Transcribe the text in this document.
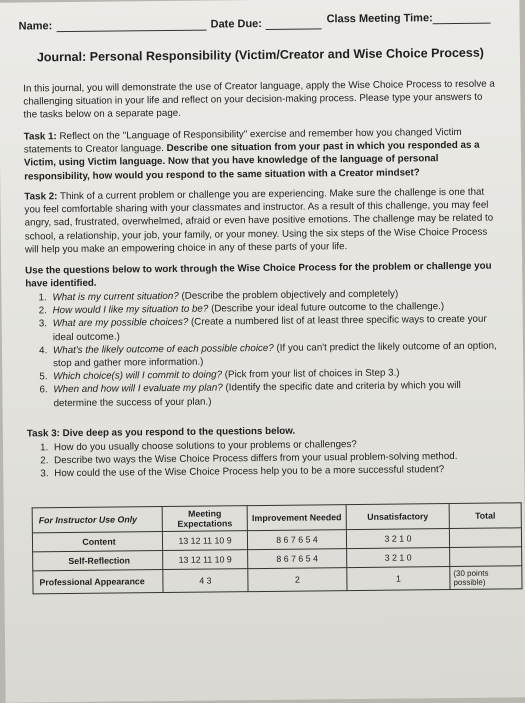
Name:	Date Due:	Class Meeting Time:
Journal: Personal Responsibility (Victim/Creator and Wise Choice Process)

In this journal, you will demonstrate the use of Creator language, apply the Wise Choice Process to resolve a challenging situation in your life and reflect on your decision-making process. Please type your answers to the tasks below on a separate page.

Task 1: Reflect on the "Language of Responsibility" exercise and remember how you changed Victim statements to Creator language. Describe one situation from your past in which you responded as a Victim, using Victim language. Now that you have knowledge of the language of personal responsibility, how would you respond to the same situation with a Creator mindset?

Task 2: Think of a current problem or challenge you are experiencing. Make sure the challenge is one that you feel comfortable sharing with your classmates and instructor. As a result of this challenge, you may feel angry, sad, frustrated, overwhelmed, afraid or even have positive emotions. The challenge may be related to school, a relationship, your job, your family, or your money. Using the six steps of the Wise Choice Process will help you make an empowering choice in any of these parts of your life.

Use the questions below to work through the Wise Choice Process for the problem or challenge you have identified.

1. What is my current situation? (Describe the problem objectively and completely)
2. How would I like my situation to be? (Describe your ideal future outcome to the challenge.)
3. What are my possible choices? (Create a numbered list of at least three specific ways to create your ideal outcome.)
4. What's the likely outcome of each possible choice? (If you can't predict the likely outcome of an option, stop and gather more information.)
5. Which choice(s) will I commit to doing? (Pick from your list of choices in Step 3.)
6. When and how will I evaluate my plan? (Identify the specific date and criteria by which you will determine the success of your plan.)

Task 3: Dive deep as you respond to the questions below.

1. How do you usually choose solutions to your problems or challenges?
2. Describe two ways the Wise Choice Process differs from your usual problem-solving method.
3. How could the use of the Wise Choice Process help you to be a more successful student?
For Instructor Use Only	Meeting Expectations	Improvement Needed	Unsatisfactory	Total
Content	13 12 11 10 9	8 6 7 6 5 4	3 2 1 0	
Self-Reflection	13 12 11 10 9	8 6 7 6 5 4	3 2 1 0	
Professional Appearance	4 3	2	1	(30 points possible)
